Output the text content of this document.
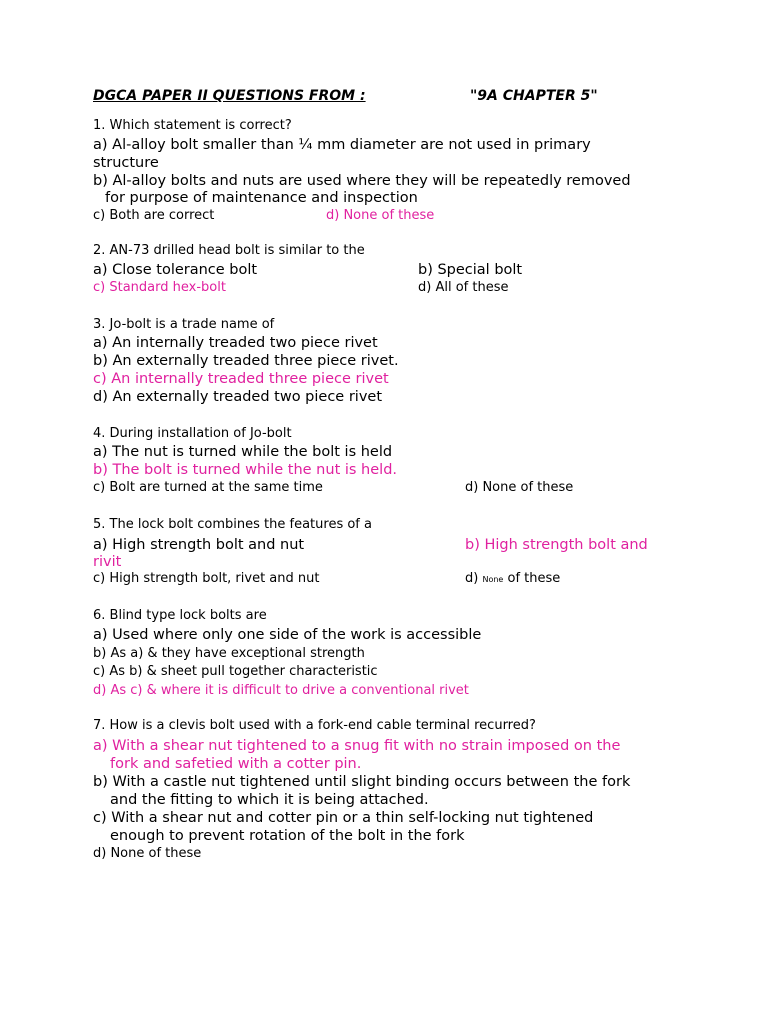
DGCA PAPER II QUESTIONS FROM :	"9A CHAPTER 5"
1. Which statement is correct?
a) Al-alloy bolt smaller than ¼ mm diameter are not used in primary
structure
b) Al-alloy bolts and nuts are used where they will be repeatedly removed
for purpose of maintenance and inspection
c) Both are correct	d) None of these
2. AN-73 drilled head bolt is similar to the
a) Close tolerance bolt	b) Special bolt
c) Standard hex-bolt	d) All of these
3. Jo-bolt is a trade name of
a) An internally treaded two piece rivet
b) An externally treaded three piece rivet.
c) An internally treaded three piece rivet
d) An externally treaded two piece rivet
4. During installation of Jo-bolt
a) The nut is turned while the bolt is held
b) The bolt is turned while the nut is held.
c) Bolt are turned at the same time	d) None of these
5. The lock bolt combines the features of a
a) High strength bolt and nut	b) High strength bolt and
rivit
c) High strength bolt, rivet and nut	d) None of these
6. Blind type lock bolts are
a) Used where only one side of the work is accessible
b) As a) & they have exceptional strength
c) As b) & sheet pull together characteristic
d) As c) & where it is difficult to drive a conventional rivet
7. How is a clevis bolt used with a fork-end cable terminal recurred?
a) With a shear nut tightened to a snug fit with no strain imposed on the
fork and safetied with a cotter pin.
b) With a castle nut tightened until slight binding occurs between the fork
and the fitting to which it is being attached.
c) With a shear nut and cotter pin or a thin self-locking nut tightened
enough to prevent rotation of the bolt in the fork
d) None of these
